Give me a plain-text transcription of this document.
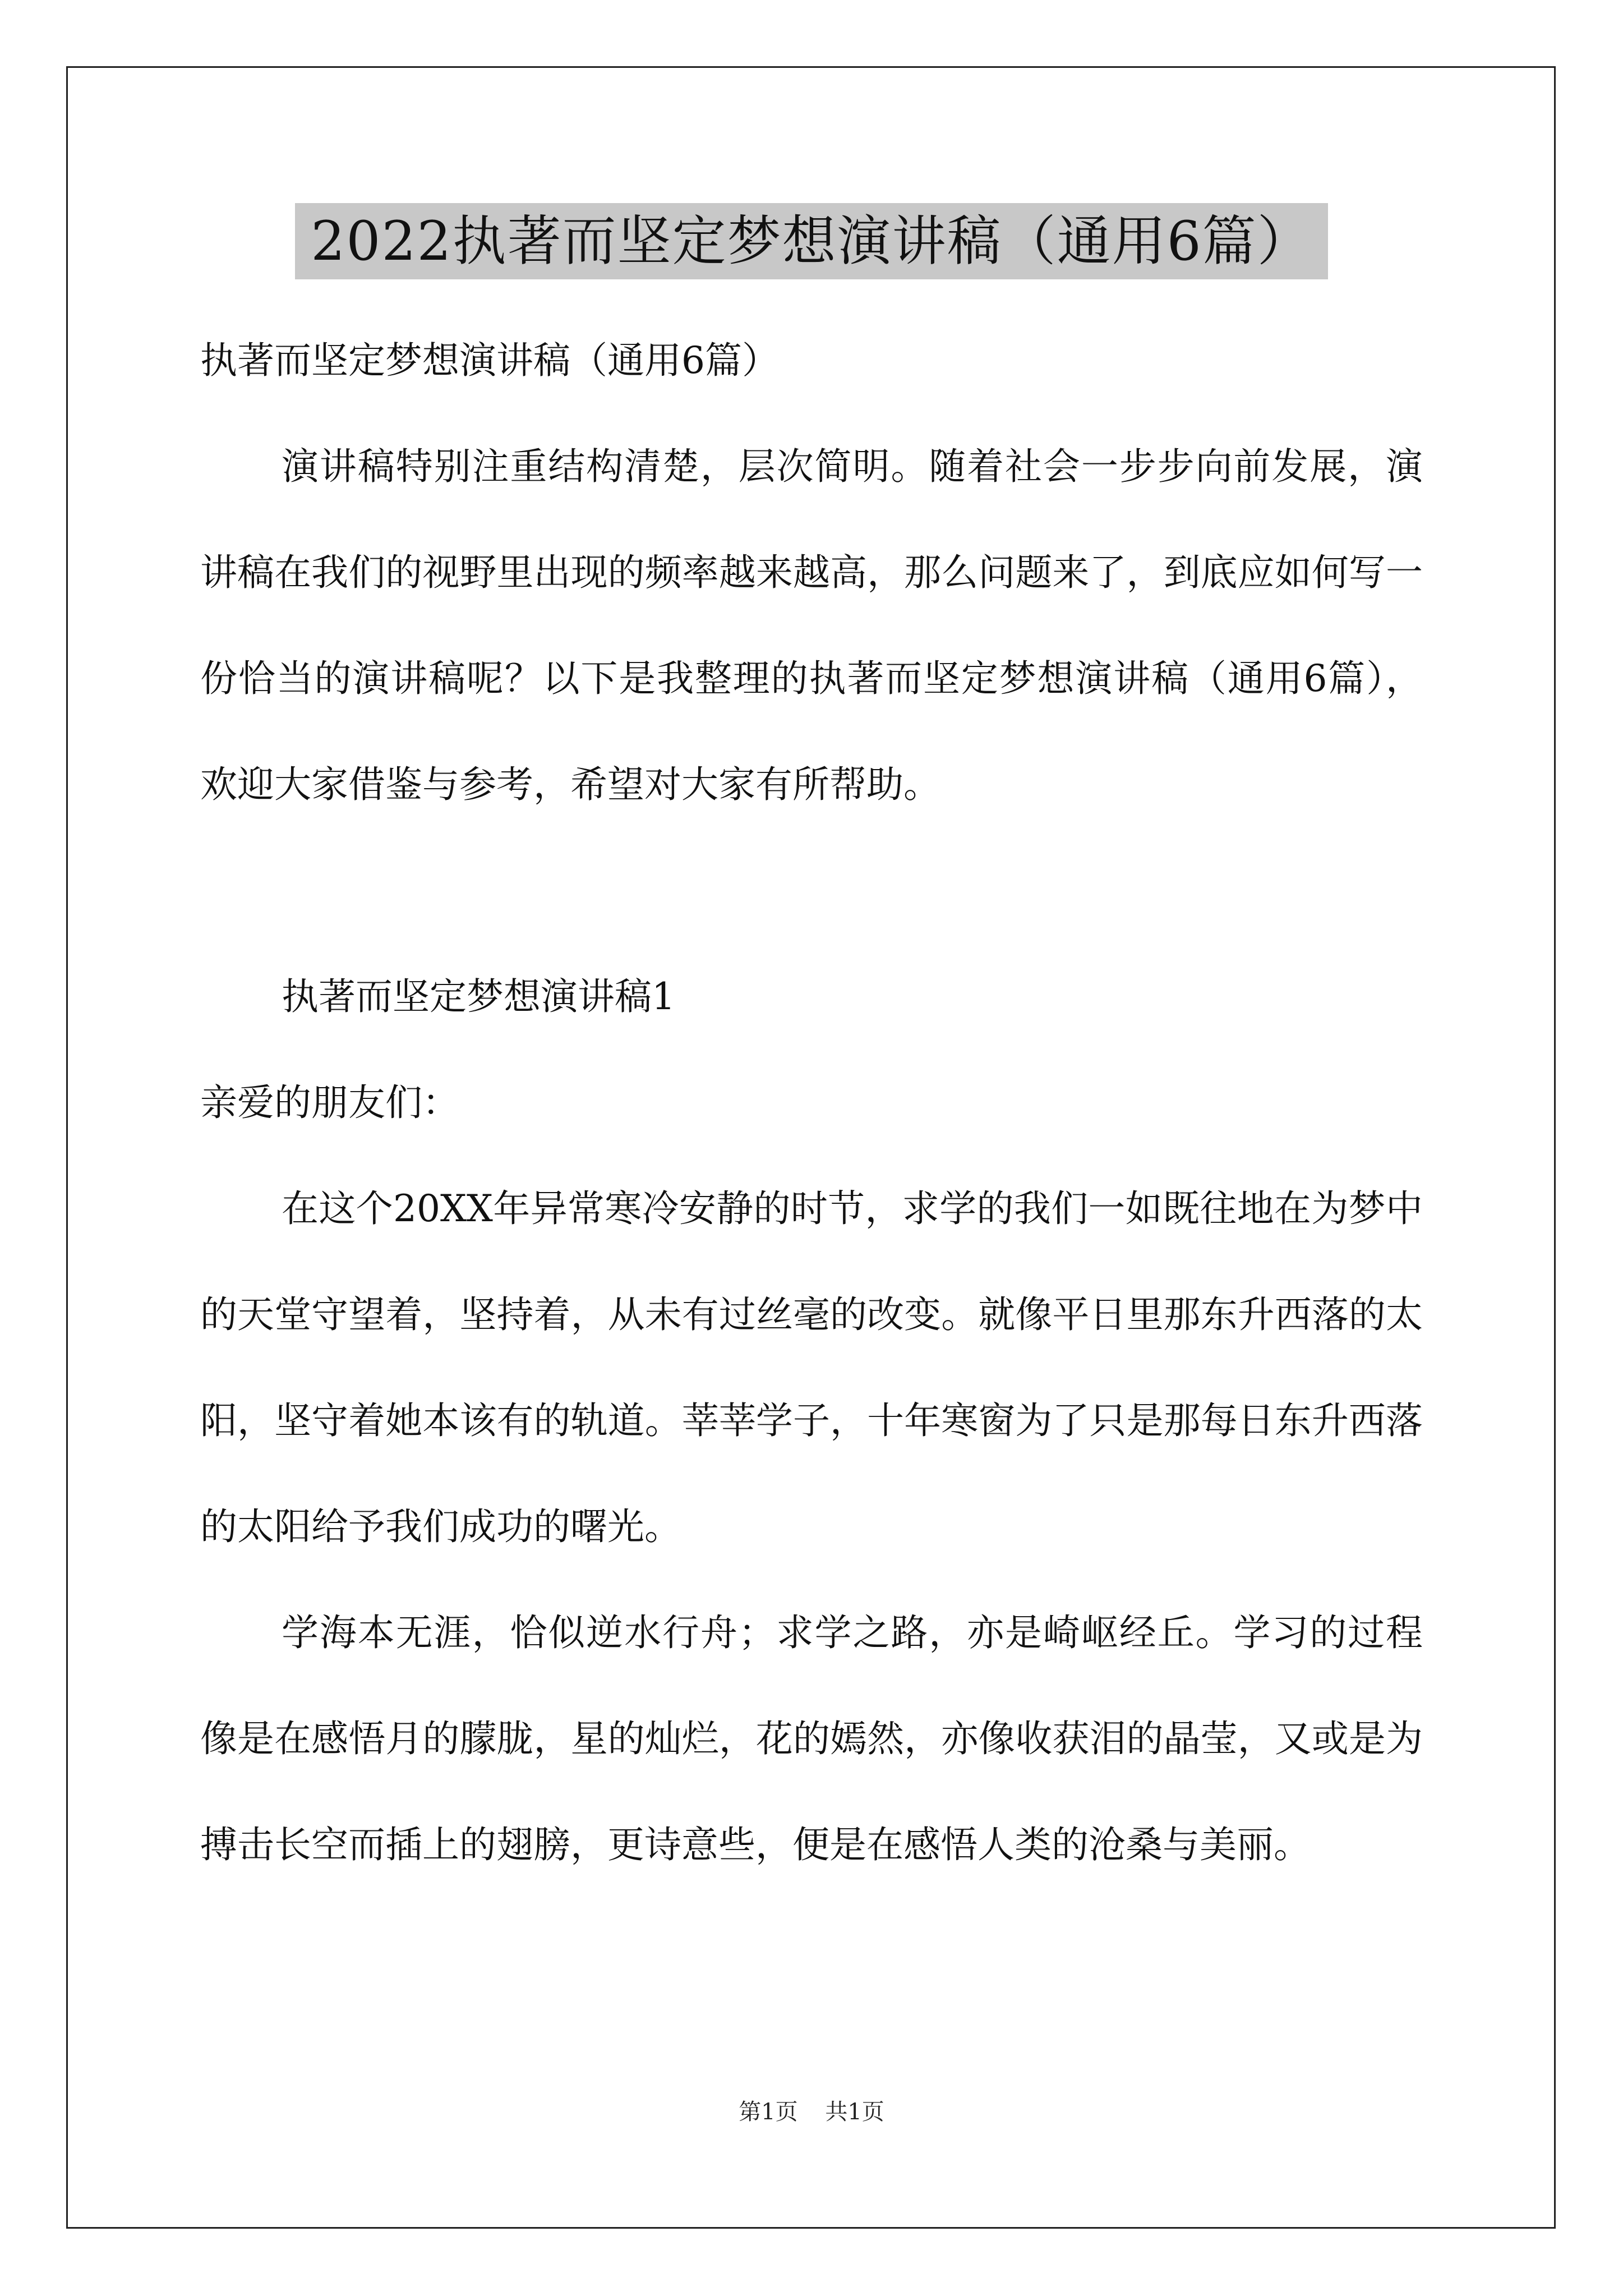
2022执著而坚定梦想演讲稿（通用6篇）

执著而坚定梦想演讲稿（通用6篇）

演讲稿特别注重结构清楚，层次简明。随着社会一步步向前发展，演讲稿在我们的视野里出现的频率越来越高，那么问题来了，到底应如何写一份恰当的演讲稿呢？以下是我整理的执著而坚定梦想演讲稿（通用6篇），欢迎大家借鉴与参考，希望对大家有所帮助。

执著而坚定梦想演讲稿1

亲爱的朋友们：

在这个20XX年异常寒冷安静的时节，求学的我们一如既往地在为梦中的天堂守望着，坚持着，从未有过丝毫的改变。就像平日里那东升西落的太阳，坚守着她本该有的轨道。莘莘学子，十年寒窗为了只是那每日东升西落的太阳给予我们成功的曙光。

学海本无涯，恰似逆水行舟；求学之路，亦是崎岖经丘。学习的过程像是在感悟月的朦胧，星的灿烂，花的嫣然，亦像收获泪的晶莹，又或是为搏击长空而插上的翅膀，更诗意些，便是在感悟人类的沧桑与美丽。

第1页 共1页
